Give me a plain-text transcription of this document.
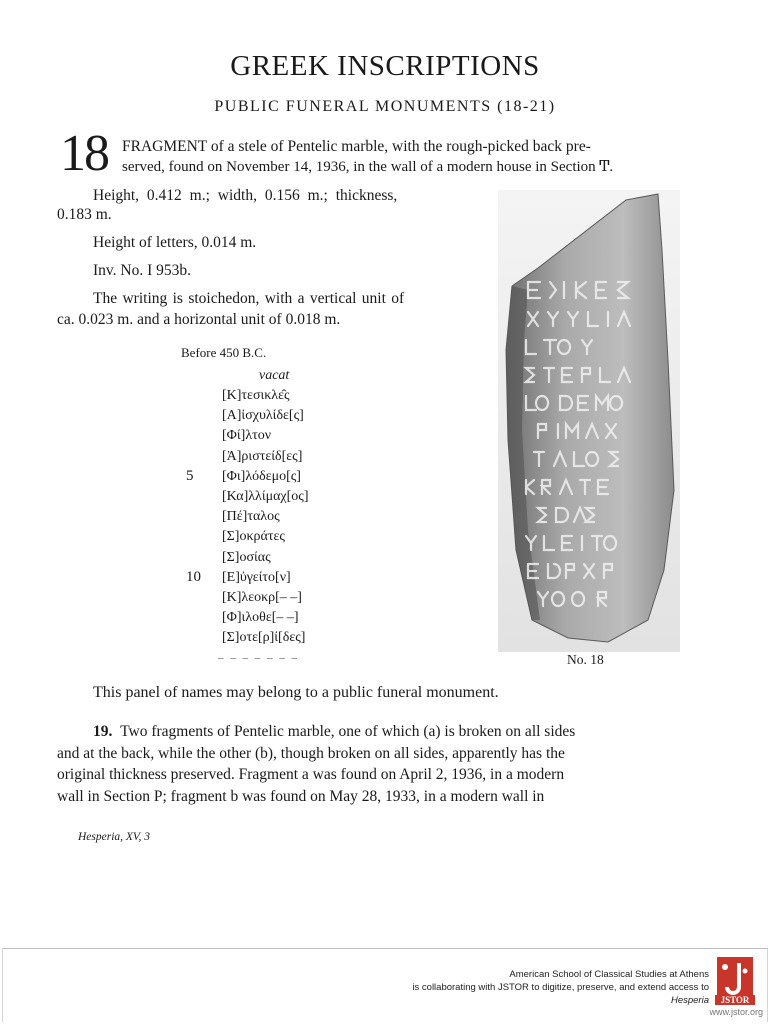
GREEK INSCRIPTIONS
PUBLIC FUNERAL MONUMENTS (18-21)
18 FRAGMENT of a stele of Pentelic marble, with the rough-picked back pre-
served, found on November 14, 1936, in the wall of a modern house in Section Ͳ.
Height, 0.412 m.; width, 0.156 m.; thickness,
0.183 m.
Height of letters, 0.014 m.
Inv. No. I 953b.
The writing is stoichedon, with a vertical unit of
ca. 0.023 m. and a horizontal unit of 0.018 m.
Before 450 B.C.
vacat
[Κ]τεσικλε̂ς
[Α]ἰσχυλίδε[ς]
[Φί]λτον
[Ἀ]ριστείδ[ες]
5 [Φι]λόδεμο[ς]
[Κα]λλίμαχ[ος]
[Πέ]ταλος
[Σ]οκράτες
[Σ]οσίας
10 [Ε]ὐγείτο[ν]
[Κ]λεοκρ[– –]
[Φ]ιλοθε[– –]
[Σ]οτε[ρ]ί[δες]
– – – – – – –	No. 18
This panel of names may belong to a public funeral monument.
19. Two fragments of Pentelic marble, one of which (a) is broken on all sides
and at the back, while the other (b), though broken on all sides, apparently has the
original thickness preserved. Fragment a was found on April 2, 1936, in a modern
wall in Section P; fragment b was found on May 28, 1933, in a modern wall in
Hesperia, XV, 3
American School of Classical Studies at Athens
is collaborating with JSTOR to digitize, preserve, and extend access to
Hesperia JSTOR
www.jstor.org
